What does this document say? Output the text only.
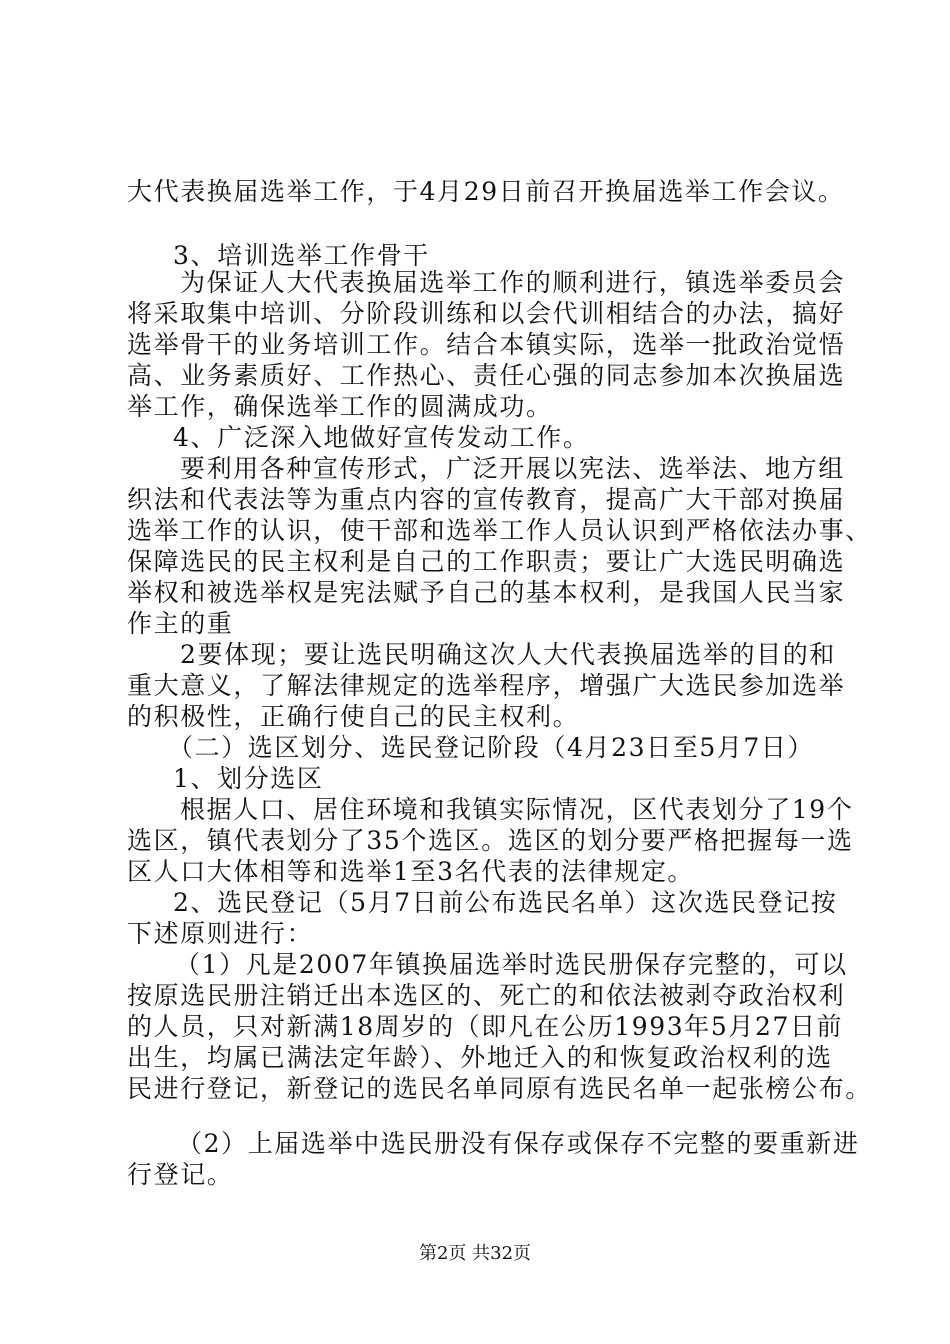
大代表换届选举工作，于4月29日前召开换届选举工作会议。
3、培训选举工作骨干
为保证人大代表换届选举工作的顺利进行，镇选举委员会
将采取集中培训、分阶段训练和以会代训相结合的办法，搞好
选举骨干的业务培训工作。结合本镇实际，选举一批政治觉悟
高、业务素质好、工作热心、责任心强的同志参加本次换届选
举工作，确保选举工作的圆满成功。
4、广泛深入地做好宣传发动工作。
要利用各种宣传形式，广泛开展以宪法、选举法、地方组
织法和代表法等为重点内容的宣传教育，提高广大干部对换届
选举工作的认识，使干部和选举工作人员认识到严格依法办事、
保障选民的民主权利是自己的工作职责；要让广大选民明确选
举权和被选举权是宪法赋予自己的基本权利，是我国人民当家
作主的重
2要体现；要让选民明确这次人大代表换届选举的目的和
重大意义，了解法律规定的选举程序，增强广大选民参加选举
的积极性，正确行使自己的民主权利。
（二）选区划分、选民登记阶段（4月23日至5月7日）
1、划分选区
根据人口、居住环境和我镇实际情况，区代表划分了19个
选区，镇代表划分了35个选区。选区的划分要严格把握每一选
区人口大体相等和选举1至3名代表的法律规定。
2、选民登记（5月7日前公布选民名单）这次选民登记按
下述原则进行：
（1）凡是2007年镇换届选举时选民册保存完整的，可以
按原选民册注销迁出本选区的、死亡的和依法被剥夺政治权利
的人员，只对新满18周岁的（即凡在公历1993年5月27日前
出生，均属已满法定年龄）、外地迁入的和恢复政治权利的选
民进行登记，新登记的选民名单同原有选民名单一起张榜公布。
（2）上届选举中选民册没有保存或保存不完整的要重新进
行登记。
第2页 共32页
